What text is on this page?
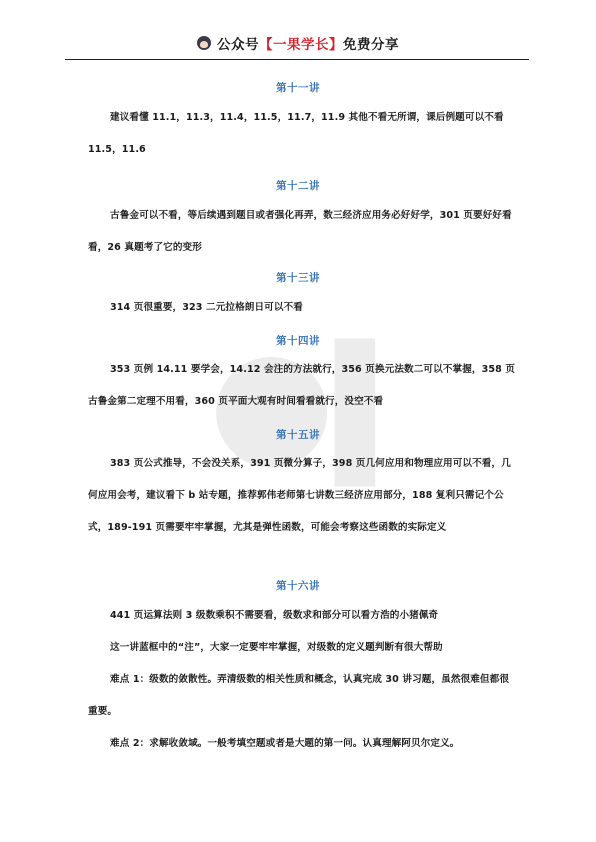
公众号 【一果学长】 免费分享
第十一讲
建议看懂 11.1，11.3，11.4，11.5，11.7，11.9 其他不看无所谓，课后例题可以不看 11.5，11.6
第十二讲
古鲁金可以不看，等后续遇到题目或者强化再弄，数三经济应用务必好好学，301 页要好好看看，26 真题考了它的变形
第十三讲
314 页很重要，323 二元拉格朗日可以不看
第十四讲
353 页例 14.11 要学会，14.12 会注的方法就行，356 页换元法数二可以不掌握，358 页古鲁金第二定理不用看，360 页平面大观有时间看看就行，没空不看
第十五讲
383 页公式推导，不会没关系，391 页微分算子，398 页几何应用和物理应用可以不看，几何应用会考，建议看下 b 站专题，推荐郭伟老师第七讲数三经济应用部分，188 复利只需记个公式，189-191 页需要牢牢掌握，尤其是弹性函数，可能会考察这些函数的实际定义
第十六讲
441 页运算法则 3 级数乘积不需要看，级数求和部分可以看方浩的小猪佩奇
这一讲蓝框中的“注”，大家一定要牢牢掌握，对级数的定义题判断有很大帮助
难点 1：级数的敛散性。弄清级数的相关性质和概念，认真完成 30 讲习题，虽然很难但都很重要。
难点 2：求解收敛域。一般考填空题或者是大题的第一问。认真理解阿贝尔定义。
